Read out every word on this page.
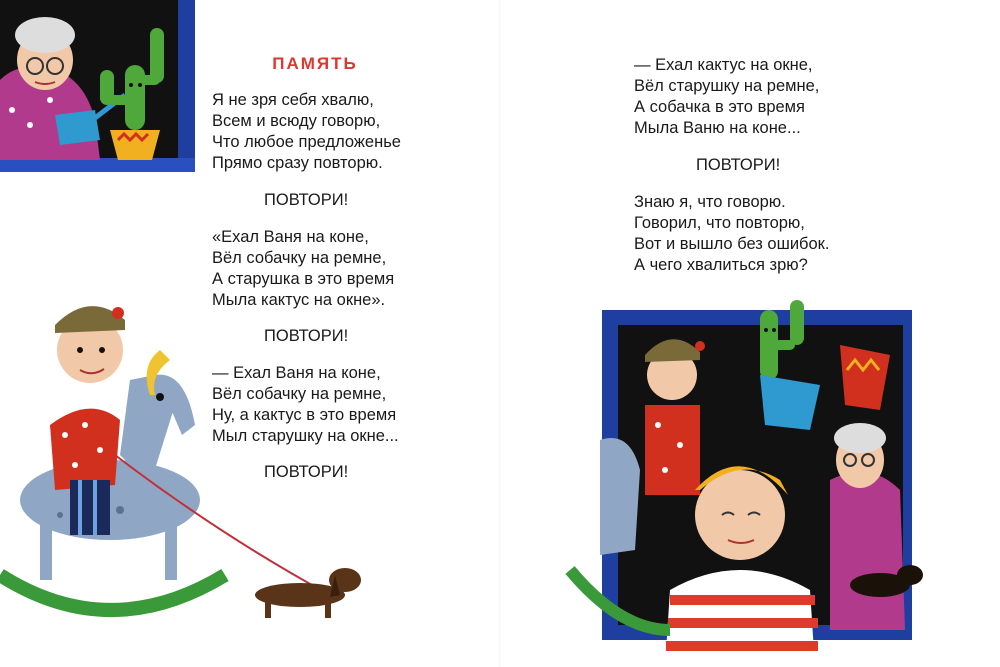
ПАМЯТЬ

Я не зря себя хвалю,

Всем и всюду говорю,

Что любое предложенье

Прямо сразу повторю.

ПОВТОРИ!

«Ехал Ваня на коне,

Вёл собачку на ремне,

А старушка в это время

Мыла кактус на окне».

ПОВТОРИ!

— Ехал Ваня на коне,

Вёл собачку на ремне,

Ну, а кактус в это время

Мыл старушку на окне...

ПОВТОРИ!

— Ехал кактус на окне,

Вёл старушку на ремне,

А собачка в это время

Мыла Ваню на коне...

ПОВТОРИ!

Знаю я, что говорю.

Говорил, что повторю,

Вот и вышло без ошибок.

А чего хвалиться зрю?
